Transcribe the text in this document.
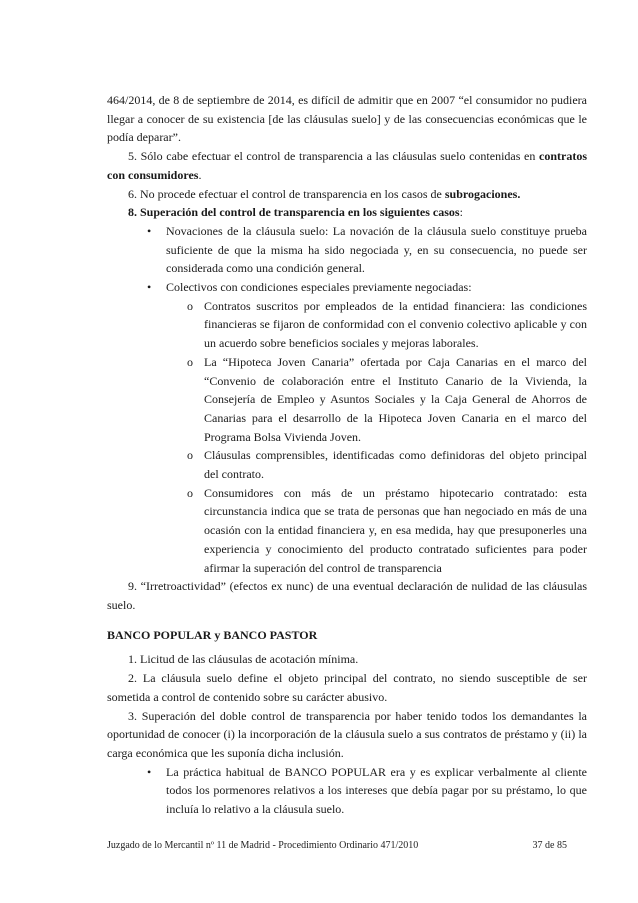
464/2014, de 8 de septiembre de 2014, es difícil de admitir que en 2007 “el consumidor no pudiera llegar a conocer de su existencia [de las cláusulas suelo] y de las consecuencias económicas que le podía deparar”.

5. Sólo cabe efectuar el control de transparencia a las cláusulas suelo contenidas en contratos con consumidores.

6. No procede efectuar el control de transparencia en los casos de subrogaciones.

8. Superación del control de transparencia en los siguientes casos:

• Novaciones de la cláusula suelo: La novación de la cláusula suelo constituye prueba suficiente de que la misma ha sido negociada y, en su consecuencia, no puede ser considerada como una condición general.
• Colectivos con condiciones especiales previamente negociadas:
o Contratos suscritos por empleados de la entidad financiera: las condiciones financieras se fijaron de conformidad con el convenio colectivo aplicable y con un acuerdo sobre beneficios sociales y mejoras laborales.
o La “Hipoteca Joven Canaria” ofertada por Caja Canarias en el marco del “Convenio de colaboración entre el Instituto Canario de la Vivienda, la Consejería de Empleo y Asuntos Sociales y la Caja General de Ahorros de Canarias para el desarrollo de la Hipoteca Joven Canaria en el marco del Programa Bolsa Vivienda Joven.
o Cláusulas comprensibles, identificadas como definidoras del objeto principal del contrato.
o Consumidores con más de un préstamo hipotecario contratado: esta circunstancia indica que se trata de personas que han negociado en más de una ocasión con la entidad financiera y, en esa medida, hay que presuponerles una experiencia y conocimiento del producto contratado suficientes para poder afirmar la superación del control de transparencia

9. “Irretroactividad” (efectos ex nunc) de una eventual declaración de nulidad de las cláusulas suelo.

BANCO POPULAR y BANCO PASTOR

1. Licitud de las cláusulas de acotación mínima.

2. La cláusula suelo define el objeto principal del contrato, no siendo susceptible de ser sometida a control de contenido sobre su carácter abusivo.

3. Superación del doble control de transparencia por haber tenido todos los demandantes la oportunidad de conocer (i) la incorporación de la cláusula suelo a sus contratos de préstamo y (ii) la carga económica que les suponía dicha inclusión.

• La práctica habitual de BANCO POPULAR era y es explicar verbalmente al cliente todos los pormenores relativos a los intereses que debía pagar por su préstamo, lo que incluía lo relativo a la cláusula suelo.
Juzgado de lo Mercantil nº 11 de Madrid - Procedimiento Ordinario 471/2010	37 de 85
